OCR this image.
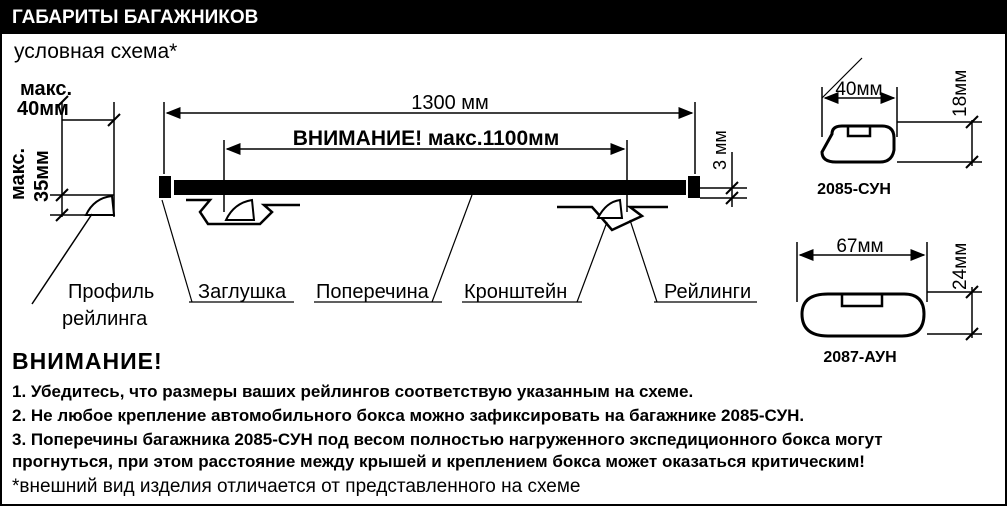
ГАБАРИТЫ БАГАЖНИКОВ
условная схема*
макс. 35мм
1300 мм
ВНИМАНИЕ! макс.1100мм	3 мм
40мм	18мм
2085-СУН
67мм	24мм
2087-АУН
макс.
40мм
Профиль
рейлинга
Заглушка Поперечина Кронштейн	Рейлинги
ВНИМАНИЕ!
1. Убедитесь, что размеры ваших рейлингов соответствую указанным на схеме.
2. Не любое крепление автомобильного бокса можно зафиксировать на багажнике 2085-СУН.
3. Поперечины багажника 2085-СУН под весом полностью нагруженного экспедиционного бокса могут
прогнуться, при этом расстояние между крышей и креплением бокса может оказаться критическим!
*внешний вид изделия отличается от представленного на схеме
